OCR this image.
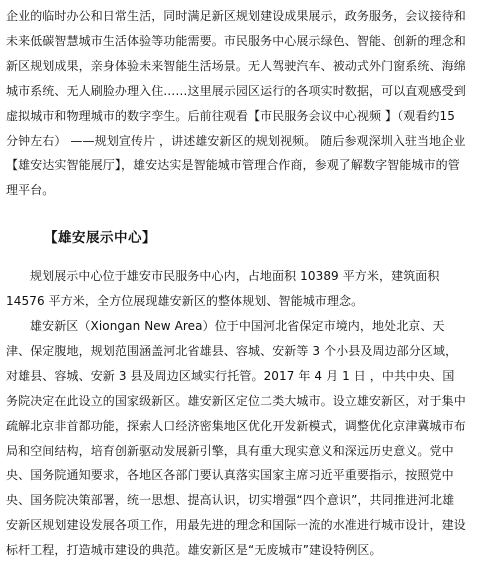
企业的临时办公和日常生活，同时满足新区规划建设成果展示，政务服务，会议接待和未来低碳智慧城市生活体验等功能需要。市民服务中心展示绿色、智能、创新的理念和新区规划成果，亲身体验未来智能生活场景。无人驾驶汽车、被动式外门窗系统、海绵城市系统、无人刷脸办理入住……这里展示园区运行的各项实时数据，可以直观感受到虚拟城市和物理城市的数字孪生。后前往观看【市民服务会议中心视频 】（观看约15分钟左右） ——规划宣传片 ，讲述雄安新区的规划视频。 随后参观深圳入驻当地企业【雄安达实智能展厅】，雄安达实是智能城市管理合作商，参观了解数字智能城市的管理平台。

【雄安展示中心】

规划展示中心位于雄安市民服务中心内，占地面积 10389 平方米，建筑面积 14576 平方米，全方位展现雄安新区的整体规划、智能城市理念。

雄安新区（Xiongan New Area）位于中国河北省保定市境内，地处北京、天津、保定腹地，规划范围涵盖河北省雄县、容城、安新等 3 个小县及周边部分区域，对雄县、容城、安新 3 县及周边区域实行托管。2017 年 4 月 1 日 ，中共中央、国务院决定在此设立的国家级新区。雄安新区定位二类大城市。设立雄安新区，对于集中疏解北京非首都功能，探索人口经济密集地区优化开发新模式，调整优化京津冀城市布局和空间结构，培育创新驱动发展新引擎，具有重大现实意义和深远历史意义。党中央、国务院通知要求，各地区各部门要认真落实国家主席习近平重要指示，按照党中央、国务院决策部署，统一思想、提高认识，切实增强“四个意识”，共同推进河北雄安新区规划建设发展各项工作，用最先进的理念和国际一流的水准进行城市设计，建设标杆工程，打造城市建设的典范。雄安新区是“无废城市”建设特例区。
